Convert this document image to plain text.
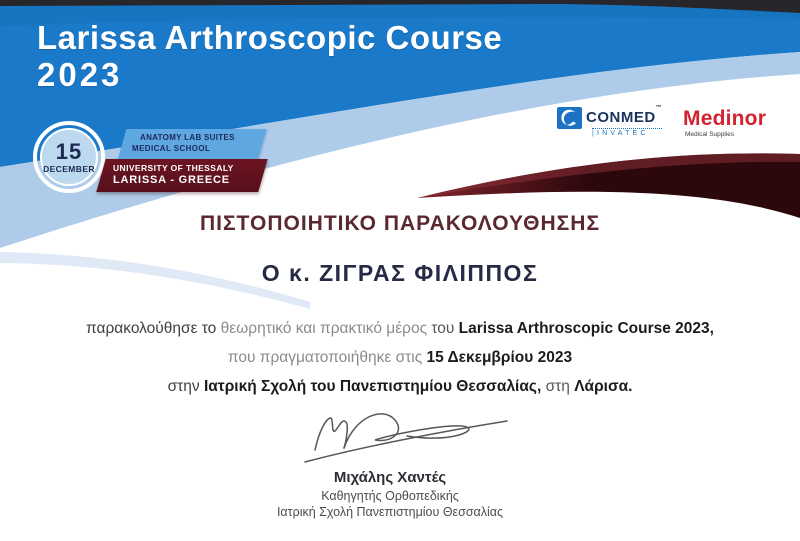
Larissa Arthroscopic Course
2023
15
DECEMBER
ANATOMY LAB SUITES
MEDICAL SCHOOL
UNIVERSITY OF THESSALY
LARISSA - GREECE
conmed™
|INVATEC
Medinor
Medical Supplies
ΠΙΣΤΟΠΟΙΗΤΙΚΟ ΠΑΡΑΚΟΛΟΥΘΗΣΗΣ
Ο κ. ΖΙΓΡΑΣ ΦΙΛΙΠΠΟΣ
παρακολούθησε το θεωρητικό και πρακτικό μέρος του Larissa Arthroscopic Course 2023,
που πραγματοποιήθηκε στις 15 Δεκεμβρίου 2023
στην Ιατρική Σχολή του Πανεπιστημίου Θεσσαλίας, στη Λάρισα.
Μιχάλης Χαντές
Καθηγητής Ορθοπεδικής
Ιατρική Σχολή Πανεπιστημίου Θεσσαλίας
